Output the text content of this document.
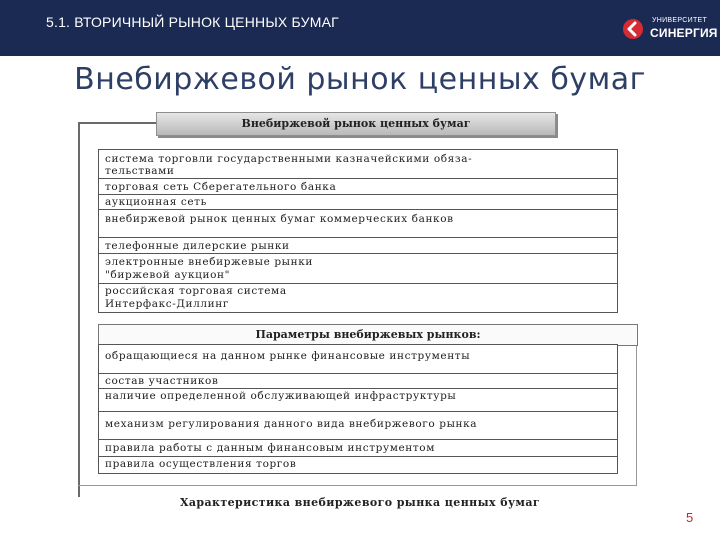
5.1. ВТОРИЧНЫЙ РЫНОК ЦЕННЫХ БУМАГ	УНИВЕРСИТЕТ
СИНЕРГИЯ
Внебиржевой рынок ценных бумаг
Внебиржевой рынок ценных бумаг
система торговли государственными казначейскими обяза-
тельствами
торговая сеть Сберегательного банка
аукционная сеть
внебиржевой рынок ценных бумаг коммерческих банков
телефонные дилерские рынки
электронные внебиржевые рынки
"биржевой аукцион"
российская торговая система
Интерфакс-Диллинг
Параметры внебиржевых рынков:
обращающиеся на данном рынке финансовые инструменты
состав участников
наличие определенной обслуживающей инфраструктуры
механизм регулирования данного вида внебиржевого рынка
правила работы с данным финансовым инструментом
правила осуществления торгов
Характеристика внебиржевого рынка ценных бумаг
5
